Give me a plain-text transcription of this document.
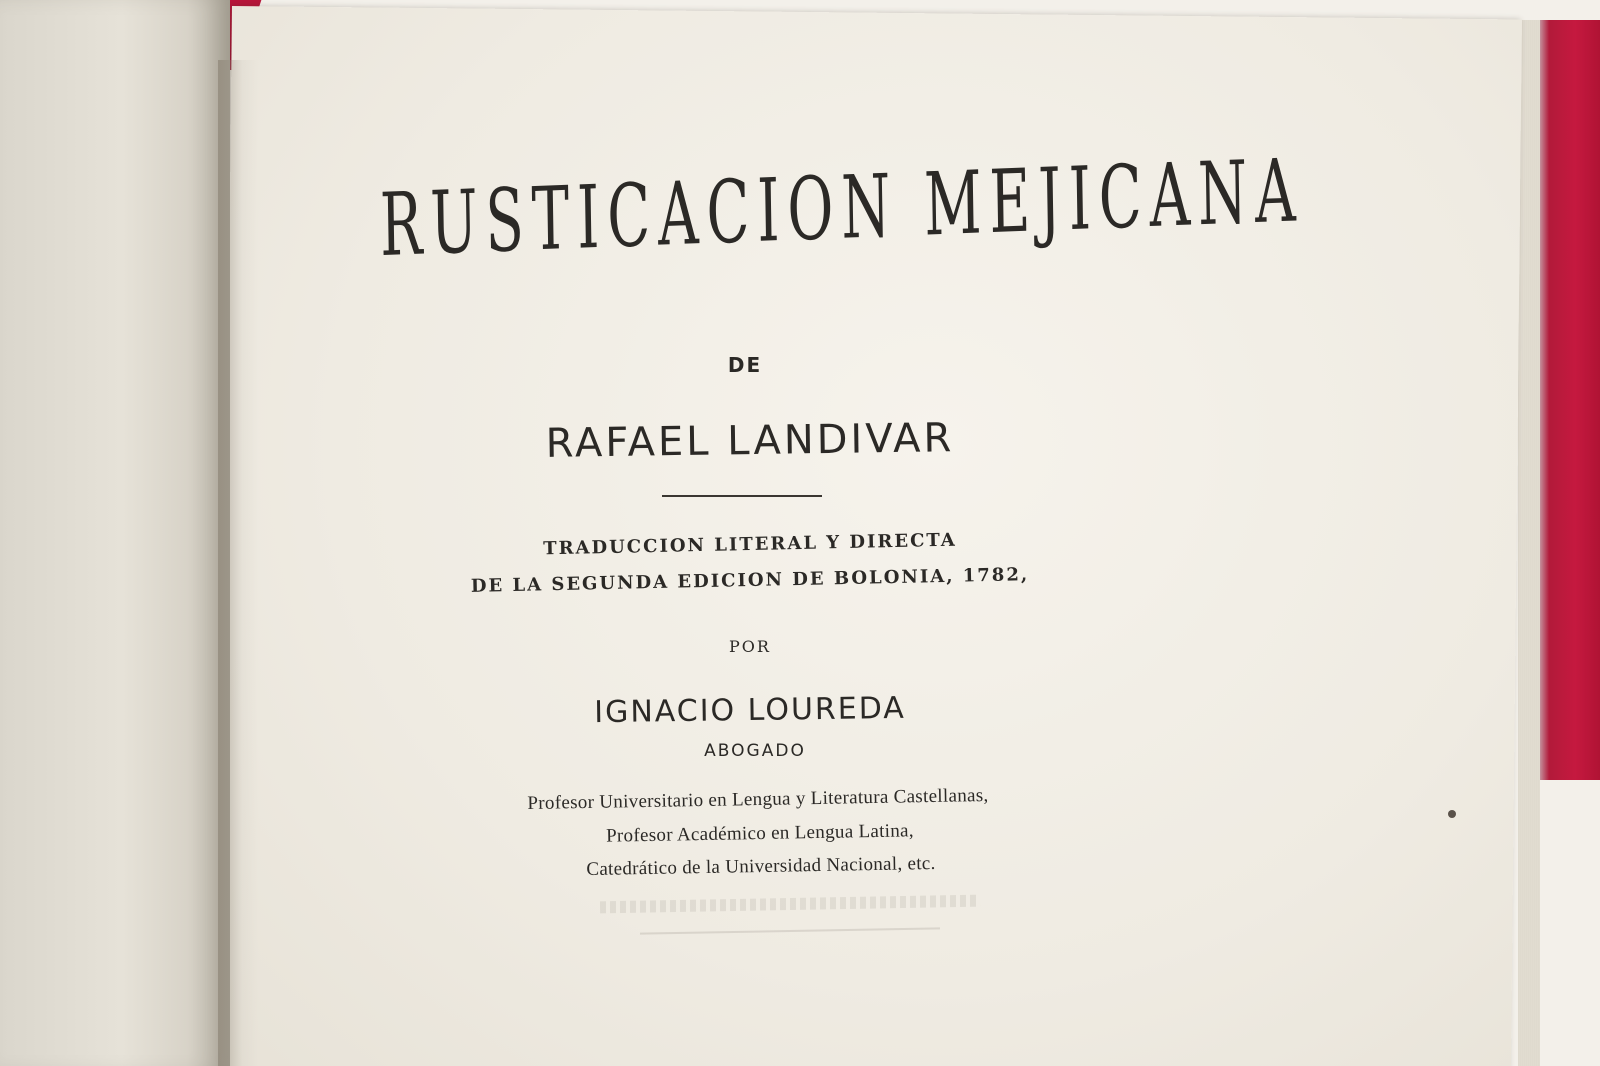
RUSTICACION MEJICANA
DE
RAFAEL LANDIVAR
TRADUCCION LITERAL Y DIRECTA
DE LA SEGUNDA EDICION DE BOLONIA, 1782,
POR
IGNACIO LOUREDA
ABOGADO
Profesor Universitario en Lengua y Literatura Castellanas,
Profesor Académico en Lengua Latina,
Catedrático de la Universidad Nacional, etc.
